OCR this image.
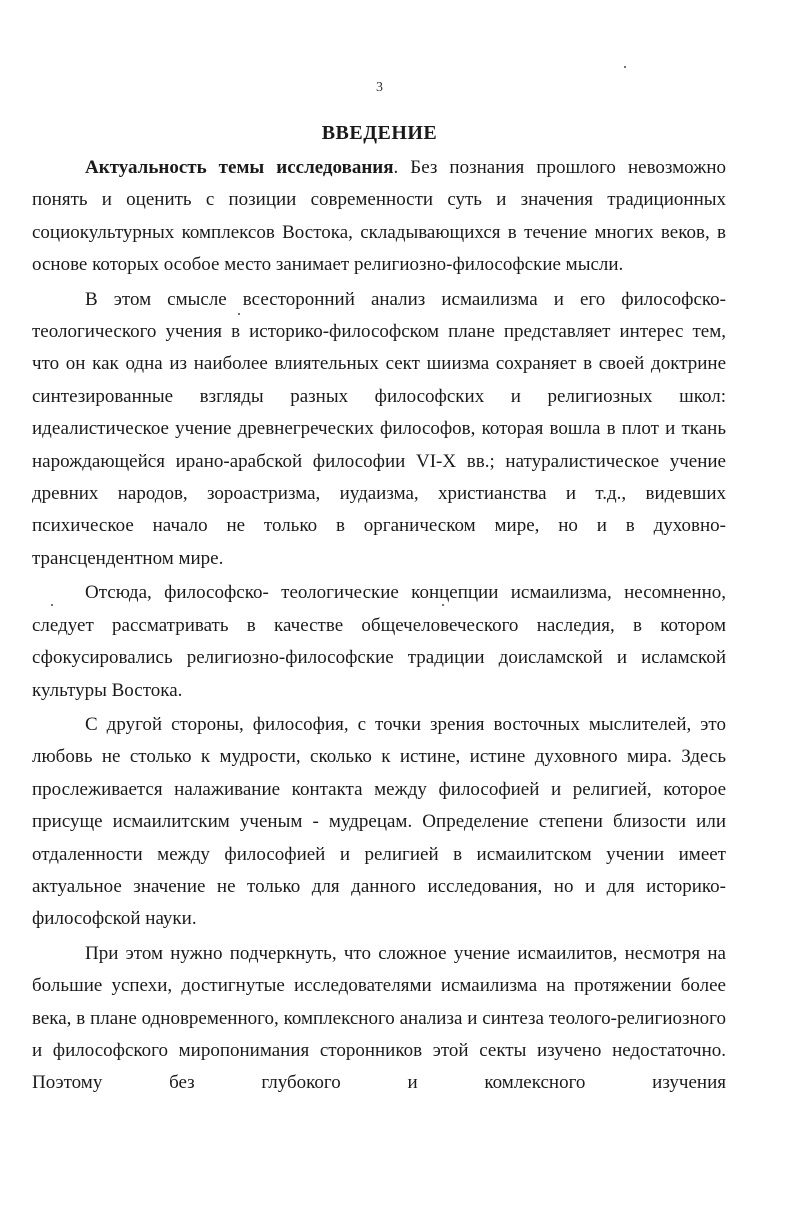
3
ВВЕДЕНИЕ

Актуальность темы исследования. Без познания прошлого невозможно понять и оценить с позиции современности суть и значения традиционных социокультурных комплексов Востока, складывающихся в течение многих веков, в основе которых особое место занимает религиозно-философские мысли.

В этом смысле всесторонний анализ исмаилизма и его философско-теологического учения в историко-философском плане представляет интерес тем, что он как одна из наиболее влиятельных сект шиизма сохраняет в своей доктрине синтезированные взгляды разных философских и религиозных школ: идеалистическое учение древнегреческих философов, которая вошла в плот и ткань нарождающейся ирано-арабской философии VI-X вв.; натуралистическое учение древних народов, зороастризма, иудаизма, христианства и т.д., видевших психическое начало не только в органическом мире, но и в духовно-трансцендентном мире.

Отсюда, философско- теологические концепции исмаилизма, несомненно, следует рассматривать в качестве общечеловеческого наследия, в котором сфокусировались религиозно-философские традиции доисламской и исламской культуры Востока.

С другой стороны, философия, с точки зрения восточных мыслителей, это любовь не столько к мудрости, сколько к истине, истине духовного мира. Здесь прослеживается налаживание контакта между философией и религией, которое присуще исмаилитским ученым - мудрецам. Определение степени близости или отдаленности между философией и религией в исмаилитском учении имеет актуальное значение не только для данного исследования, но и для историко-философской науки.

При этом нужно подчеркнуть, что сложное учение исмаилитов, несмотря на большие успехи, достигнутые исследователями исмаилизма на протяжении более века, в плане одновременного, комплексного анализа и синтеза теолого-религиозного и философского миропонимания сторонников этой секты изучено недостаточно. Поэтому без глубокого и комлексного изучения
